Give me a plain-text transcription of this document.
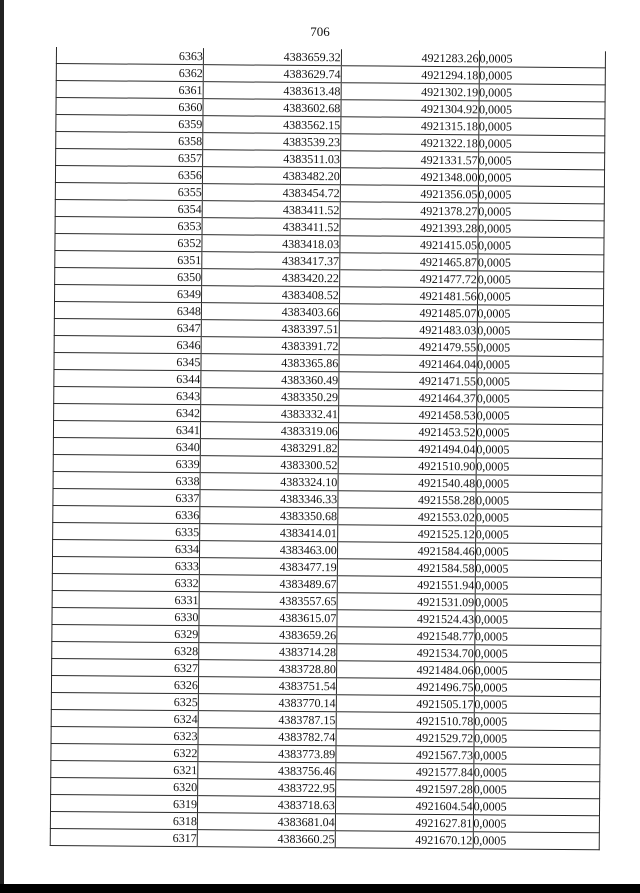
706
6363	4383659.32	4921283.26	0,0005
6362	4383629.74	4921294.18	0,0005
6361	4383613.48	4921302.19	0,0005
6360	4383602.68	4921304.92	0,0005
6359	4383562.15	4921315.18	0,0005
6358	4383539.23	4921322.18	0,0005
6357	4383511.03	4921331.57	0,0005
6356	4383482.20	4921348.00	0,0005
6355	4383454.72	4921356.05	0,0005
6354	4383411.52	4921378.27	0,0005
6353	4383411.52	4921393.28	0,0005
6352	4383418.03	4921415.05	0,0005
6351	4383417.37	4921465.87	0,0005
6350	4383420.22	4921477.72	0,0005
6349	4383408.52	4921481.56	0,0005
6348	4383403.66	4921485.07	0,0005
6347	4383397.51	4921483.03	0,0005
6346	4383391.72	4921479.55	0,0005
6345	4383365.86	4921464.04	0,0005
6344	4383360.49	4921471.55	0,0005
6343	4383350.29	4921464.37	0,0005
6342	4383332.41	4921458.53	0,0005
6341	4383319.06	4921453.52	0,0005
6340	4383291.82	4921494.04	0,0005
6339	4383300.52	4921510.90	0,0005
6338	4383324.10	4921540.48	0,0005
6337	4383346.33	4921558.28	0,0005
6336	4383350.68	4921553.02	0,0005
6335	4383414.01	4921525.12	0,0005
6334	4383463.00	4921584.46	0,0005
6333	4383477.19	4921584.58	0,0005
6332	4383489.67	4921551.94	0,0005
6331	4383557.65	4921531.09	0,0005
6330	4383615.07	4921524.43	0,0005
6329	4383659.26	4921548.77	0,0005
6328	4383714.28	4921534.70	0,0005
6327	4383728.80	4921484.06	0,0005
6326	4383751.54	4921496.75	0,0005
6325	4383770.14	4921505.17	0,0005
6324	4383787.15	4921510.78	0,0005
6323	4383782.74	4921529.72	0,0005
6322	4383773.89	4921567.73	0,0005
6321	4383756.46	4921577.84	0,0005
6320	4383722.95	4921597.28	0,0005
6319	4383718.63	4921604.54	0,0005
6318	4383681.04	4921627.81	0,0005
6317	4383660.25	4921670.12	0,0005
